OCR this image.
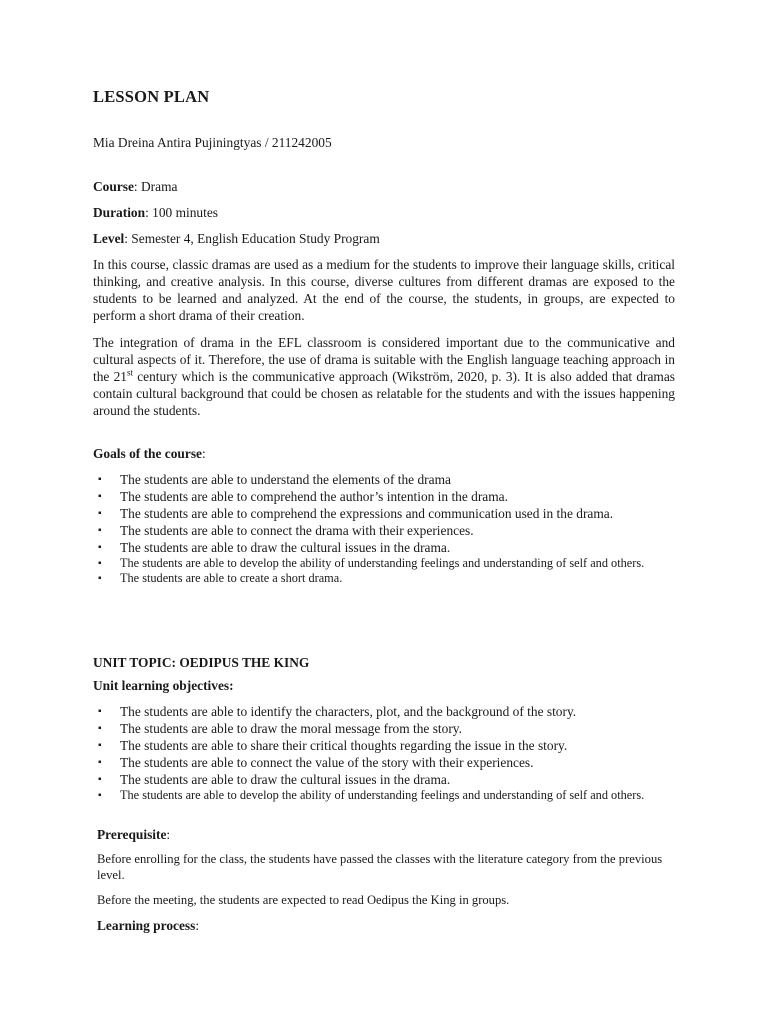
LESSON PLAN
Mia Dreina Antira Pujiningtyas / 211242005
Course: Drama
Duration: 100 minutes
Level: Semester 4, English Education Study Program
In this course, classic dramas are used as a medium for the students to improve their language skills, critical thinking, and creative analysis. In this course, diverse cultures from different dramas are exposed to the students to be learned and analyzed. At the end of the course, the students, in groups, are expected to perform a short drama of their creation.
The integration of drama in the EFL classroom is considered important due to the communicative and cultural aspects of it. Therefore, the use of drama is suitable with the English language teaching approach in the 21st century which is the communicative approach (Wikström, 2020, p. 3). It is also added that dramas contain cultural background that could be chosen as relatable for the students and with the issues happening around the students.
Goals of the course:
▪ The students are able to understand the elements of the drama
▪ The students are able to comprehend the author’s intention in the drama.
▪ The students are able to comprehend the expressions and communication used in the drama.
▪ The students are able to connect the drama with their experiences.
▪ The students are able to draw the cultural issues in the drama.
▪ The students are able to develop the ability of understanding feelings and understanding of self and others.
▪ The students are able to create a short drama.
UNIT TOPIC: OEDIPUS THE KING
Unit learning objectives:
▪ The students are able to identify the characters, plot, and the background of the story.
▪ The students are able to draw the moral message from the story.
▪ The students are able to share their critical thoughts regarding the issue in the story.
▪ The students are able to connect the value of the story with their experiences.
▪ The students are able to draw the cultural issues in the drama.
▪ The students are able to develop the ability of understanding feelings and understanding of self and others.
Prerequisite:
Before enrolling for the class, the students have passed the classes with the literature category from the previous level.
Before the meeting, the students are expected to read Oedipus the King in groups.
Learning process:
